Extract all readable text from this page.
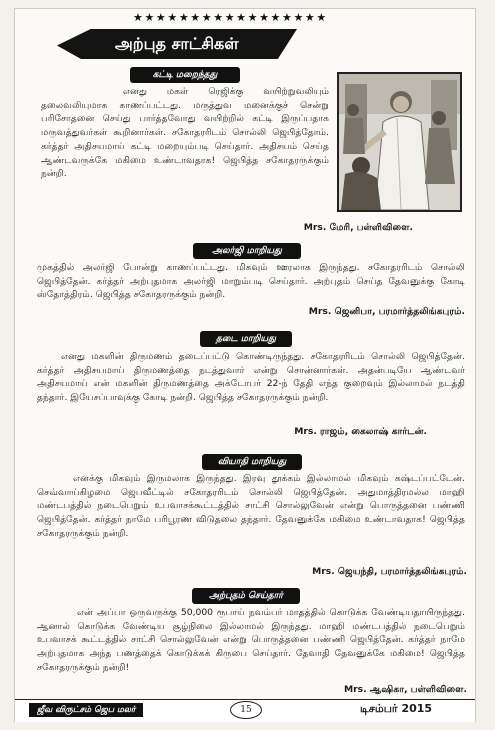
★★★★★★★★★★★★★★★★★
அற்புத சாட்சிகள்
கட்டி மறைந்தது
எனது மகள் ரெஜிக்கு வயிற்றுவலியும் தலைவலியுமாக காணப்பட்டது. மருத்துவ மனைக்குச் சென்று பரிசோதனை செய்து பார்த்தவோது வயிற்றில் கட்டி இருப்பதாக மருவத்துவர்கள் கூறினார்கள். சகோதரரிடம் சொல்லி ஜெபித்தோம். கர்த்தர் அதிசயமாய் கட்டி மறையும்படி செய்தார். அதிசயம் செய்த ஆண்டவருக்கே மகிமை உண்டாவதாக! ஜெபித்த சகோதரருக்கும் நன்றி.
Mrs. மேரி, பள்ளிவிளை.
அலர்ஜி மாறியது
முகத்தில் அலர்ஜி போன்று காணப்பட்டது. மிகவும் ஊரலாக இருந்தது. சகோதரரிடம் சொல்லி ஜெபித்தேன். கர்த்தர் அற்புதமாக அலர்ஜி மாறும்படி செய்தார். அற்புதம் செய்த தேவனுக்கு கோடி ஸ்தோத்திரம். ஜெபித்த சகோதரருக்கும் நன்றி.
Mrs. ஜெனிபா, பரமார்த்தலிங்கபுரம்.
தடை மாறியது
எனது மகளின் திருமணம் தடைப்பட்டு கொண்டிருந்தது. சகோதரரிடம் சொல்லி ஜெபித்தேன். கர்த்தர் அதிசயமாய் திருமணத்தை நடத்துவார் என்று சொன்னார்கள். அதன்படியே ஆண்டவர் அதிசயமாய் என் மகளின் திருமணத்தை அக்டோபர் 22-ந் தேதி எந்த குறைவும் இல்லாமல் நடத்தி தந்தார். இயேசப்பாவுக்கு கோடி நன்றி. ஜெபித்த சகோதரருக்கும் நன்றி.
Mrs. ராஜம், கைலாஷ் கார்டன்.
வியாதி மாறியது
எனக்கு மிகவும் இருமலாக இருந்தது. இரவு தூக்கம் இல்லாமல் மிகவும் கஷ்டப்பட்டேன். செவ்வாய்கிழமை ஜெபவீட்டில் சகோதரரிடம் சொல்லி ஜெபித்தேன். அதுமாத்திரமல்ல மாஹி மண்டபத்தில் நடைபெறும் உபவாசக்கூட்டத்தில் சாட்சி சொல்லுவேன் என்று பொருத்தனை பண்ணி ஜெபித்தேன். கர்த்தர் நாமே பரிபூரண விடுதலை தந்தார். தேவனுக்கே மகிமை உண்டாவதாக! ஜெபித்த சகோதரருக்கும் நன்றி.
Mrs. ஜெயந்தி, பரமார்த்தலிங்கபுரம்.
அற்புதம் செய்தார்
என் அப்பா ஒருவருக்கு 50,000 ரூபாய் நவம்பர் மாதத்தில் கொடுக்க வேண்டியதாயிருந்தது. ஆனால் கொடுக்க வேண்டிய சூழ்நிலை இல்லாமல் இருந்தது. மாஹி மண்டபத்தில் நடைபெறும் உபவாசக் கூட்டத்தில் சாட்சி சொல்லுவேன் என்று பொருத்தனை பண்ணி ஜெபித்தேன். கர்த்தர் நாமே அற்புதமாக அந்த பணத்தைக் கொடுக்கக் கிருபை செய்தார். தேவாதி தேவனுக்கே மகிமை! ஜெபித்த சகோதரருக்கும் நன்றி!
Mrs. ஆஷிகா, பள்ளிவிளை.
ஜீவ விருட்சம் ஜெப மலர்	15	டிசம்பர் 2015
